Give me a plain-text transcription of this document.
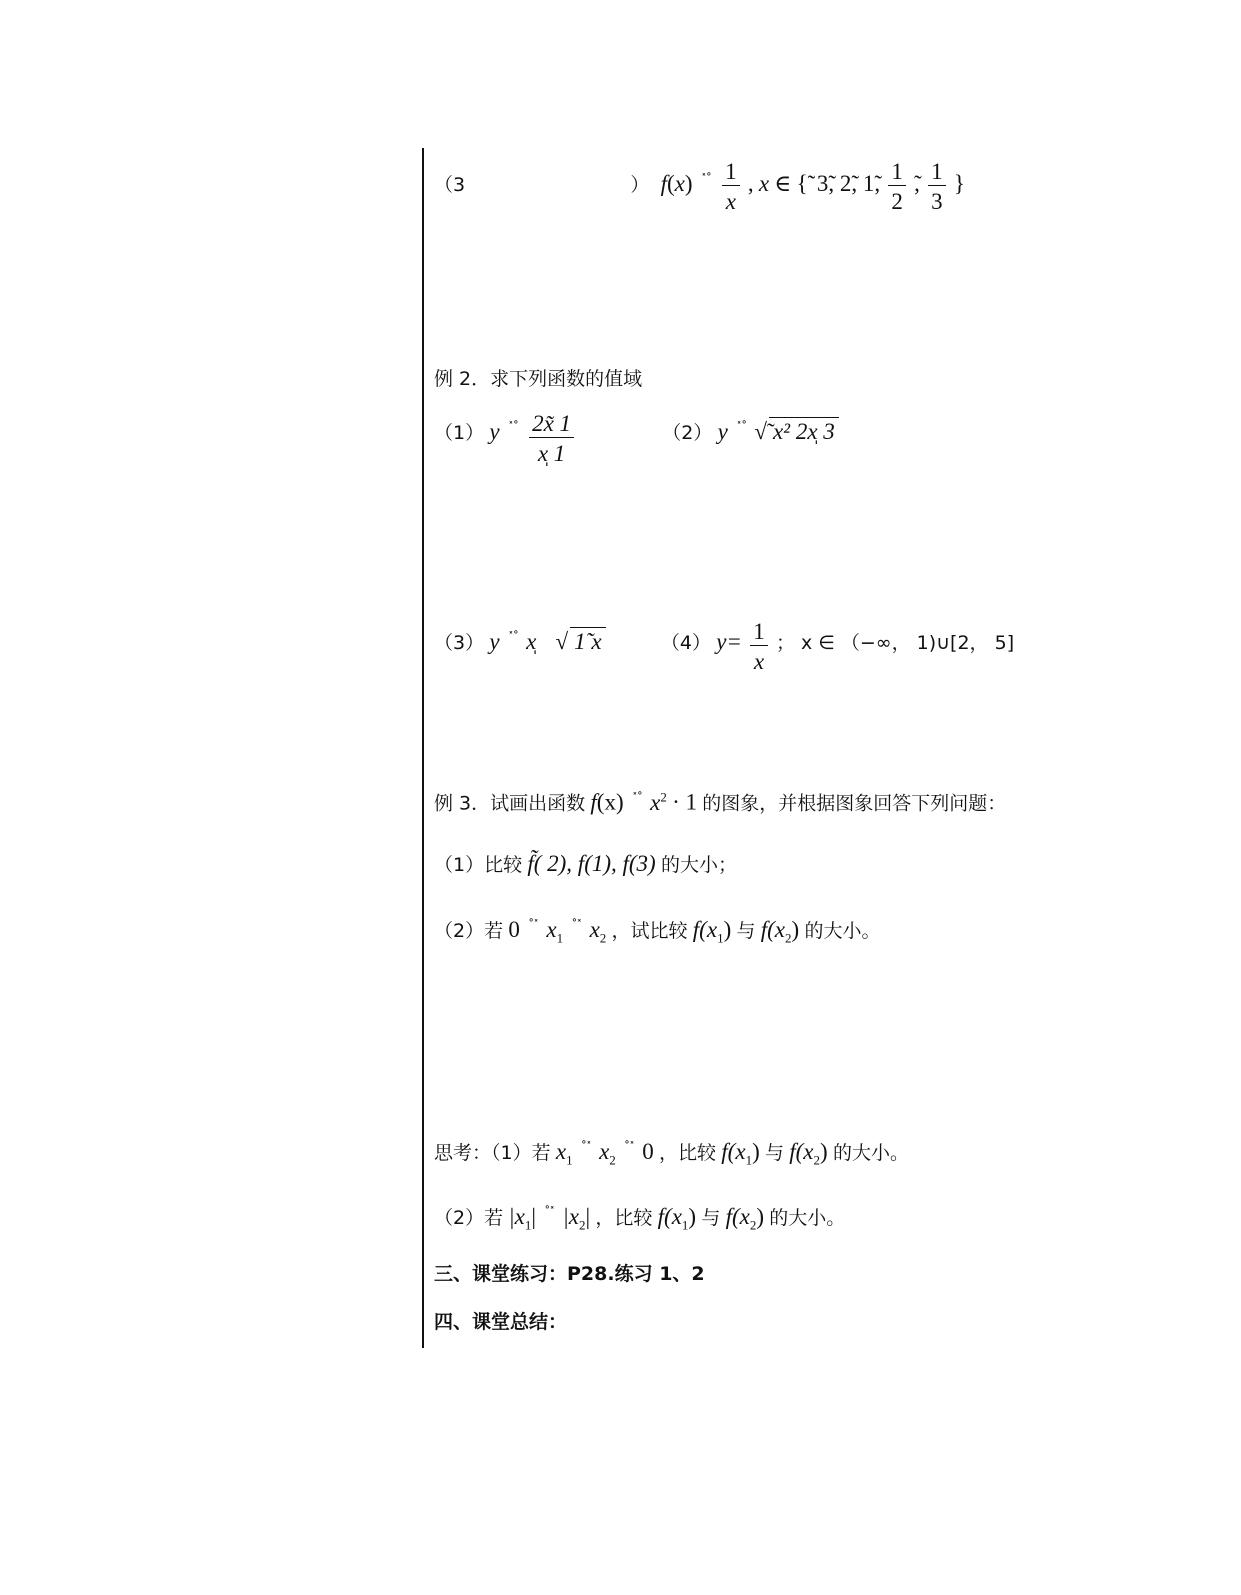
（3	） f(x) $^{˟˚} \frac{1}{x}$ , x ∈ {̃ 3̃, 2̃, 1̃, $\frac{1}{2}$ ̃, $\frac{1}{3}$ }
例 2．求下列函数的值域
（1） y $^{˟˚} \frac{2x̃ 1}{x̩ 1}$	（2） y ˟˚ √̃ x² 2x̩ 3
（3） y ˟˚ x̩ √ 1̃ x	（4） $y= \frac{1}{x}$ ； x ∈ （−∞， 1)∪[2， 5]
例 3．试画出函数 f(x) ˟˚ $x^2 \cdot 1$ 的图象，并根据图象回答下列问题：
（1）比较 f̃( 2), f(1), f(3) 的大小；
（2）若 0 ˚˟ $x_1$ ˚˟ $x_2$ ，试比较 $f(x_1)$ 与 $f(x_2)$ 的大小。
思考：（1）若 $x_1$ ˚˟ $x_2$ ˚˟ 0 ，比较 $f(x_1)$ 与 $f(x_2)$ 的大小。
（2）若 $|x_1|$ ˚˟ $|x_2|$ ，比较 $f(x_1)$ 与 $f(x_2)$ 的大小。
三、课堂练习：P28.练习 1、2
四、课堂总结：
